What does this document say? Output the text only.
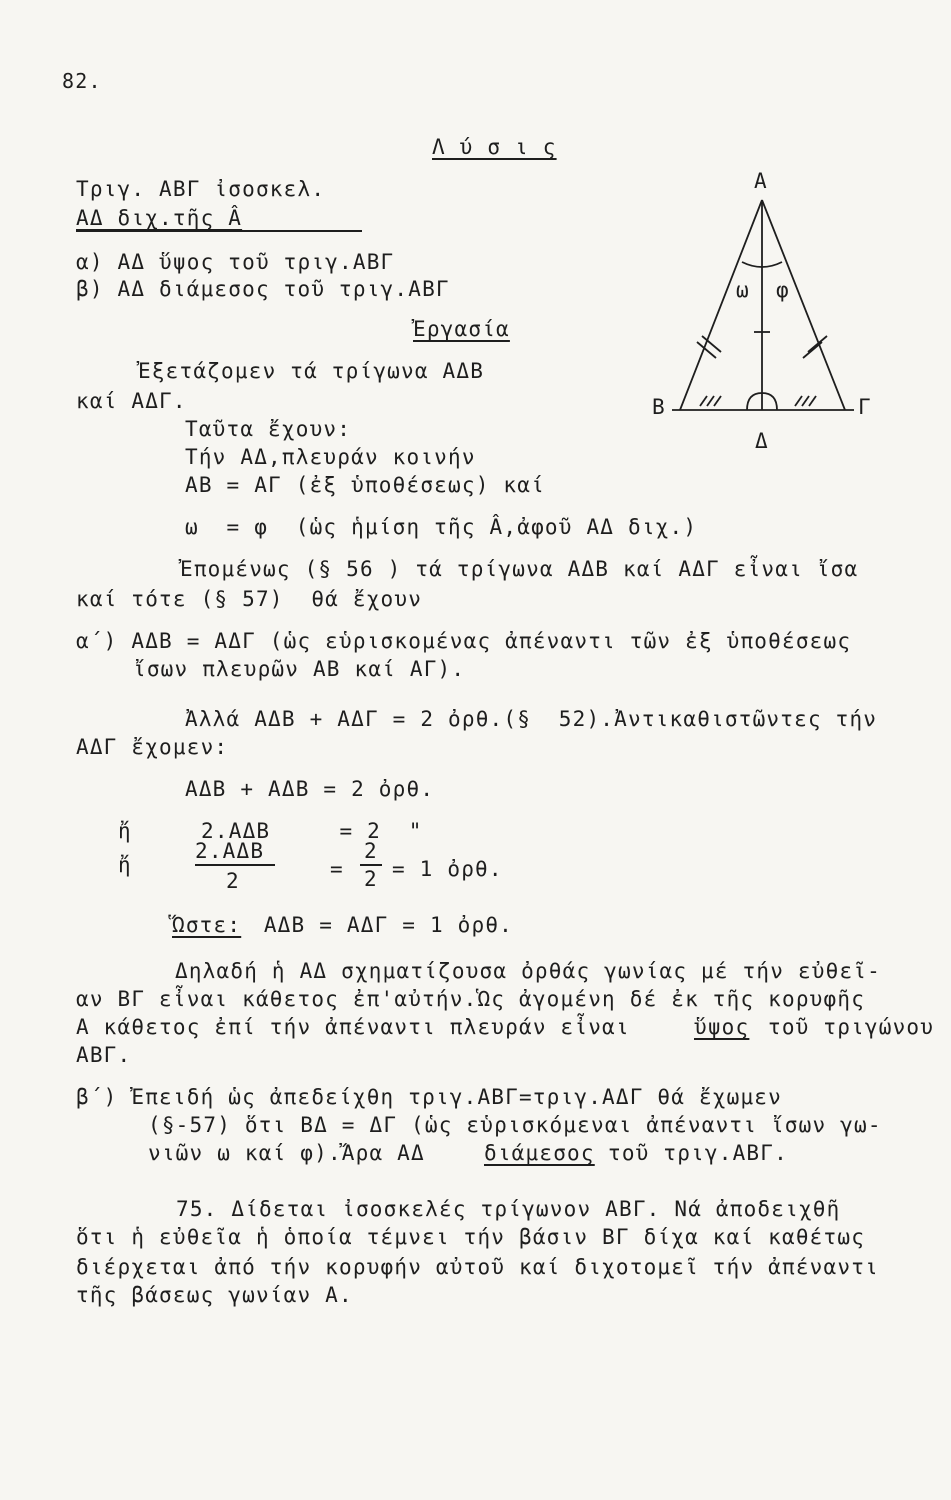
82.
Λ ύ σ ι ς
Τριγ. ΑΒΓ ἰσοσκελ.
ΑΔ διχ.τῆς Â
α) ΑΔ ὕψος τοῦ τριγ.ΑΒΓ
β) ΑΔ διάμεσος τοῦ τριγ.ΑΒΓ
Ἐργασία
Α
Β	Γ
Δ
ω φ
Ἐξετάζομεν τά τρίγωνα ΑΔΒ
καί ΑΔΓ.
Ταῦτα ἔχουν:
Τήν ΑΔ,πλευράν κοινήν
ΑΒ = ΑΓ (ἐξ ὑποθέσεως) καί
ω  = φ  (ὡς ἡμίση τῆς Â,ἀφοῦ ΑΔ διχ.)
Ἐπομένως (§ 56 ) τά τρίγωνα ΑΔΒ καί ΑΔΓ εἶναι ἴσα
καί τότε (§ 57)  θά ἔχουν
α΄) ΑΔΒ = ΑΔΓ (ὡς εὑρισκομένας ἀπέναντι τῶν ἐξ ὑποθέσεως
ἴσων πλευρῶν ΑΒ καί ΑΓ).
Ἀλλά ΑΔΒ + ΑΔΓ = 2 ὀρθ.(§  52).Ἀντικαθιστῶντες τήν
ΑΔΓ ἔχομεν:
ΑΔΒ + ΑΔΒ = 2 ὀρθ.
ἤ     2.ΑΔΒ     = 2  "
ἤ
2.ΑΔΒ
2	=
2
2 = 1 ὀρθ.
Ὥστε: ΑΔΒ = ΑΔΓ = 1 ὀρθ.
Δηλαδή ἡ ΑΔ σχηματίζουσα ὀρθάς γωνίας μέ τήν εὐθεῖ-
αν ΒΓ εἶναι κάθετος ἐπ'αὐτήν.Ὡς ἀγομένη δέ ἐκ τῆς κορυφῆς
Α κάθετος ἐπί τήν ἀπέναντι πλευράν εἶναι	ὕψος τοῦ τριγώνου
ΑΒΓ.
β΄) Ἐπειδή ὡς ἀπεδείχθη τριγ.ΑΒΓ=τριγ.ΑΔΓ θά ἔχωμεν
(§-57) ὅτι ΒΔ = ΔΓ (ὡς εὑρισκόμεναι ἀπέναντι ἴσων γω-
νιῶν ω καί φ).Ἄρα ΑΔ	διάμεσος τοῦ τριγ.ΑΒΓ.
75. Δίδεται ἰσοσκελές τρίγωνον ΑΒΓ. Νά ἀποδειχθῆ
ὅτι ἡ εὐθεῖα ἡ ὁποία τέμνει τήν βάσιν ΒΓ δίχα καί καθέτως
διέρχεται ἀπό τήν κορυφήν αὐτοῦ καί διχοτομεῖ τήν ἀπέναντι
τῆς βάσεως γωνίαν Α.
